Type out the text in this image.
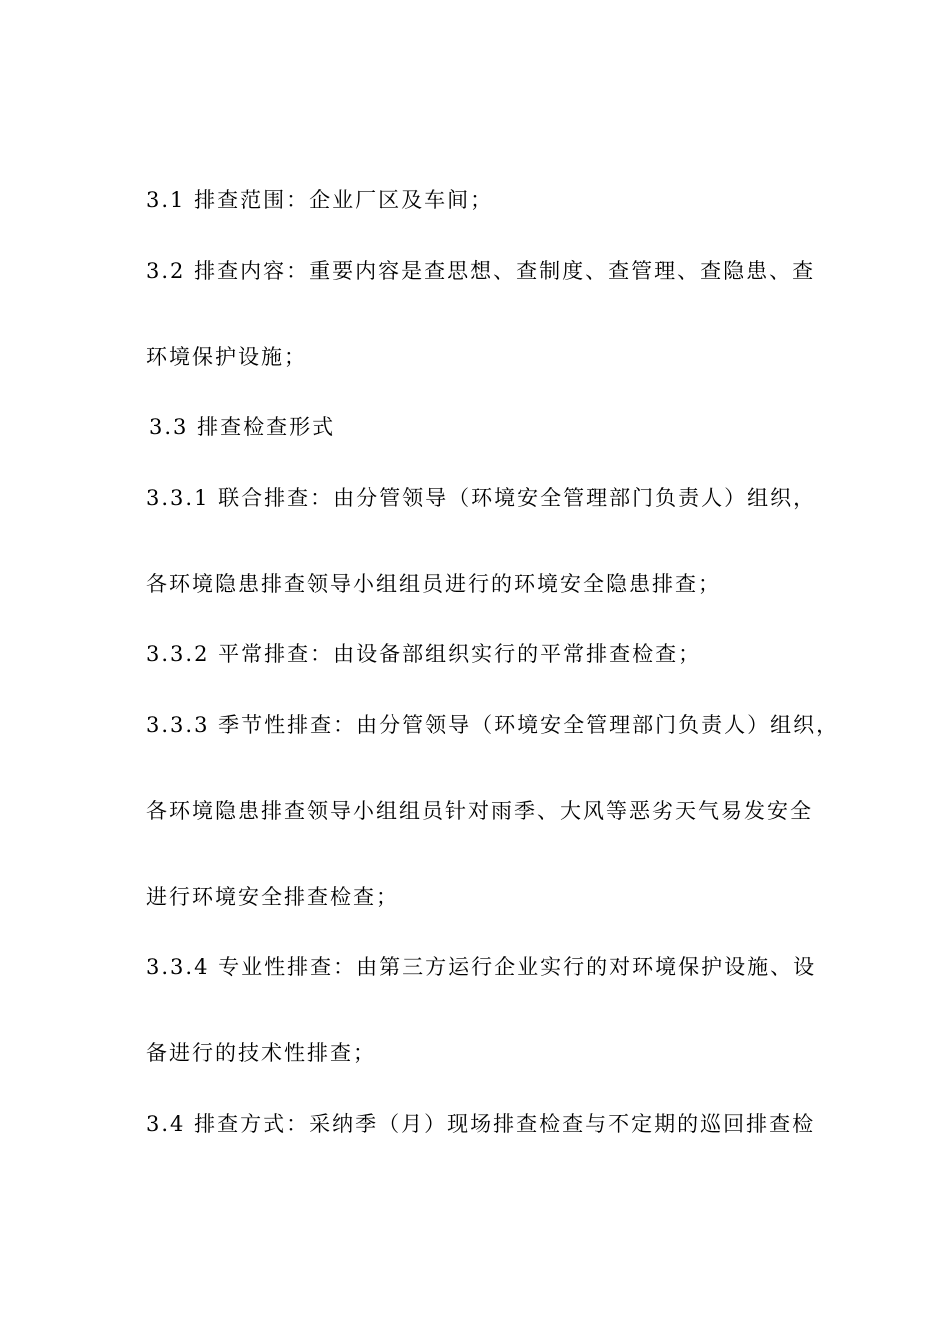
3.1 排查范围：企业厂区及车间；
3.2 排查内容：重要内容是查思想、查制度、查管理、查隐患、查
环境保护设施；
3.3 排查检查形式
3.3.1 联合排查：由分管领导（环境安全管理部门负责人）组织，
各环境隐患排查领导小组组员进行的环境安全隐患排查；
3.3.2 平常排查：由设备部组织实行的平常排查检查；
3.3.3 季节性排查：由分管领导（环境安全管理部门负责人）组织，
各环境隐患排查领导小组组员针对雨季、大风等恶劣天气易发安全
进行环境安全排查检查；
3.3.4 专业性排查：由第三方运行企业实行的对环境保护设施、设
备进行的技术性排查；
3.4 排查方式：采纳季（月）现场排查检查与不定期的巡回排查检
